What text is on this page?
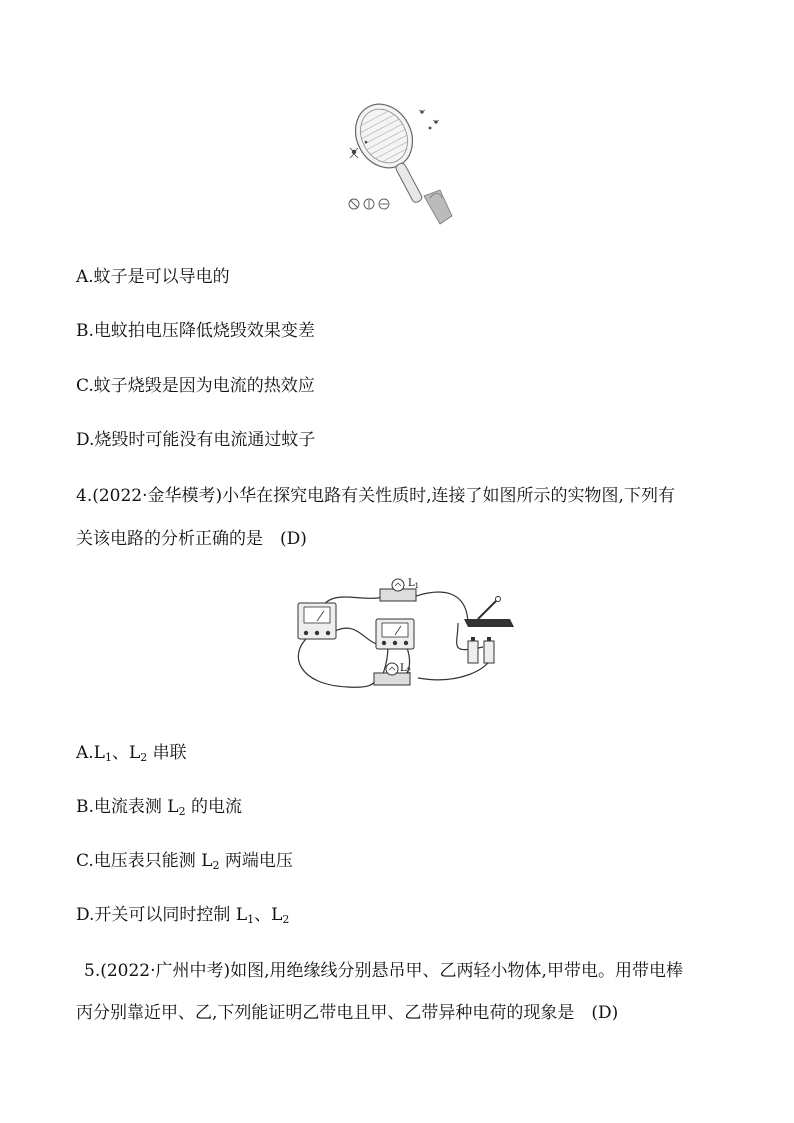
A.蚊子是可以导电的
B.电蚊拍电压降低烧毁效果变差
C.蚊子烧毁是因为电流的热效应
D.烧毁时可能没有电流通过蚊子
4.(2022·金华模考)小华在探究电路有关性质时,连接了如图所示的实物图,下列有
关该电路的分析正确的是　(D)
$L_1$
$L_2$
$A.L_1$、$L_2$ 串联
B.电流表测 $L_2$ 的电流
C.电压表只能测 $L_2$ 两端电压
D.开关可以同时控制 $L_1$、$L_2$
5.(2022·广州中考)如图,用绝缘线分别悬吊甲、乙两轻小物体,甲带电。用带电棒
丙分别靠近甲、乙,下列能证明乙带电且甲、乙带异种电荷的现象是　(D)
